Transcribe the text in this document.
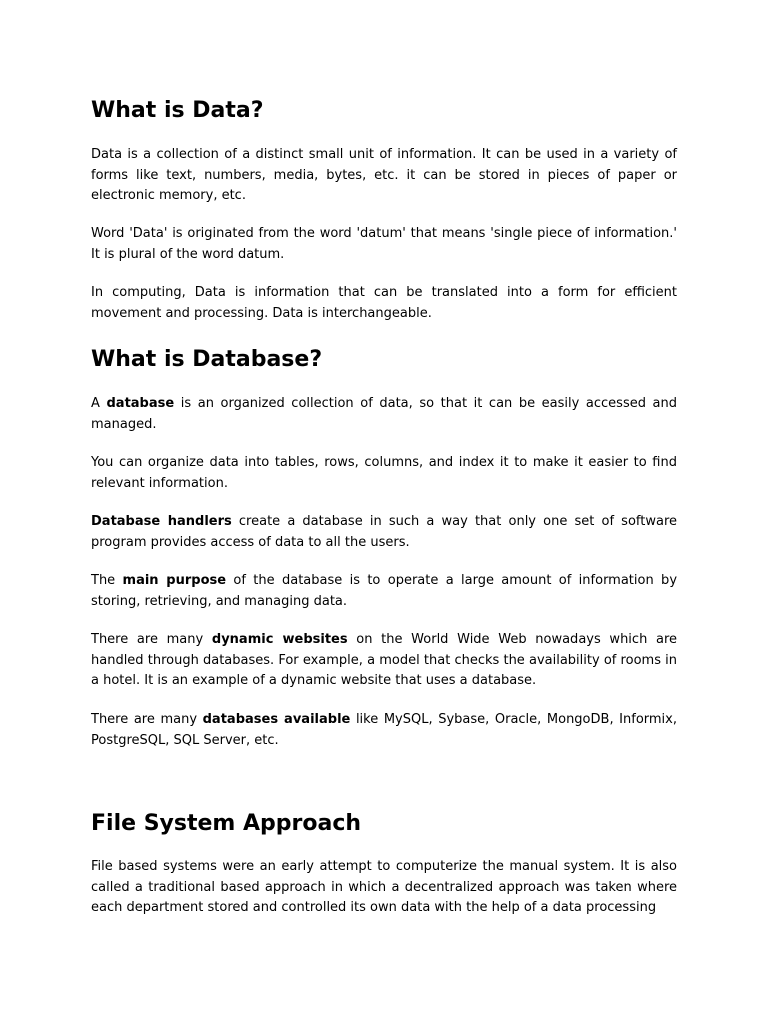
What is Data?

Data is a collection of a distinct small unit of information. It can be used in a variety of forms like text, numbers, media, bytes, etc. it can be stored in pieces of paper or electronic memory, etc.

Word 'Data' is originated from the word 'datum' that means 'single piece of information.' It is plural of the word datum.

In computing, Data is information that can be translated into a form for efficient movement and processing. Data is interchangeable.

What is Database?

A database is an organized collection of data, so that it can be easily accessed and managed.

You can organize data into tables, rows, columns, and index it to make it easier to find relevant information.

Database handlers create a database in such a way that only one set of software program provides access of data to all the users.

The main purpose of the database is to operate a large amount of information by storing, retrieving, and managing data.

There are many dynamic websites on the World Wide Web nowadays which are handled through databases. For example, a model that checks the availability of rooms in a hotel. It is an example of a dynamic website that uses a database.

There are many databases available like MySQL, Sybase, Oracle, MongoDB, Informix, PostgreSQL, SQL Server, etc.

File System Approach

File based systems were an early attempt to computerize the manual system. It is also called a traditional based approach in which a decentralized approach was taken where each department stored and controlled its own data with the help of a data processing
